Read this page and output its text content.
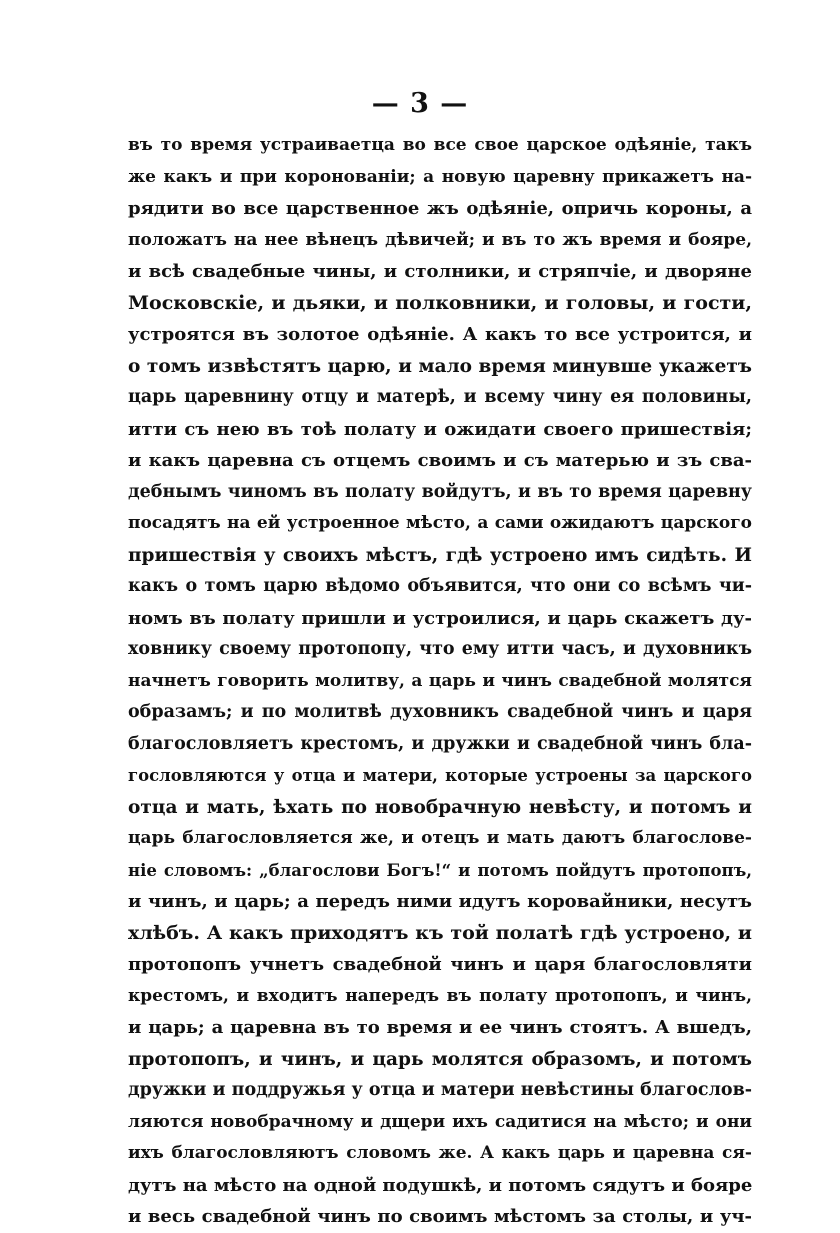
— 3 —
въ то время устраиваетца во все свое царское одѣяніе, такъ
же какъ и при коронованіи; а новую царевну прикажетъ на-
рядити во все царственное жъ одѣяніе, опричь короны, а
положатъ на нее вѣнецъ дѣвичей; и въ то жъ время и бояре,
и всѣ свадебные чины, и столники, и стряпчіе, и дворяне
Московскіе, и дьяки, и полковники, и головы, и гости,
устроятся въ золотое одѣяніе. А какъ то все устроится, и
о томъ извѣстятъ царю, и мало время минувше укажетъ
царь царевнину отцу и матерѣ, и всему чину ея половины,
итти съ нею въ тоѣ полату и ожидати своего пришествія;
и какъ царевна съ отцемъ своимъ и съ матерью и зъ сва-
дебнымъ чиномъ въ полату войдутъ, и въ то время царевну
посадятъ на ей устроенное мѣсто, а сами ожидаютъ царского
пришествія у своихъ мѣстъ, гдѣ устроено имъ сидѣть. И
какъ о томъ царю вѣдомо объявится, что они со всѣмъ чи-
номъ въ полату пришли и устроилися, и царь скажетъ ду-
ховнику своему протопопу, что ему итти часъ, и духовникъ
начнетъ говорить молитву, а царь и чинъ свадебной молятся
образамъ; и по молитвѣ духовникъ свадебной чинъ и царя
благословляетъ крестомъ, и дружки и свадебной чинъ бла-
гословляются у отца и матери, которые устроены за царского
отца и мать, ѣхать по новобрачную невѣсту, и потомъ и
царь благословляется же, и отецъ и мать даютъ благослове-
ніе словомъ: „благослови Богъ!“ и потомъ пойдутъ протопопъ,
и чинъ, и царь; а передъ ними идутъ коровайники, несутъ
хлѣбъ. А какъ приходятъ къ той полатѣ гдѣ устроено, и
протопопъ учнетъ свадебной чинъ и царя благословляти
крестомъ, и входитъ напередъ въ полату протопопъ, и чинъ,
и царь; а царевна въ то время и ее чинъ стоятъ. А вшедъ,
протопопъ, и чинъ, и царь молятся образомъ, и потомъ
дружки и поддружья у отца и матери невѣстины благослов-
ляются новобрачному и дщери ихъ садитися на мѣсто; и они
ихъ благословляютъ словомъ же. А какъ царь и царевна ся-
дутъ на мѣсто на одной подушкѣ, и потомъ сядутъ и бояре
и весь свадебной чинъ по своимъ мѣстомъ за столы, и уч-
